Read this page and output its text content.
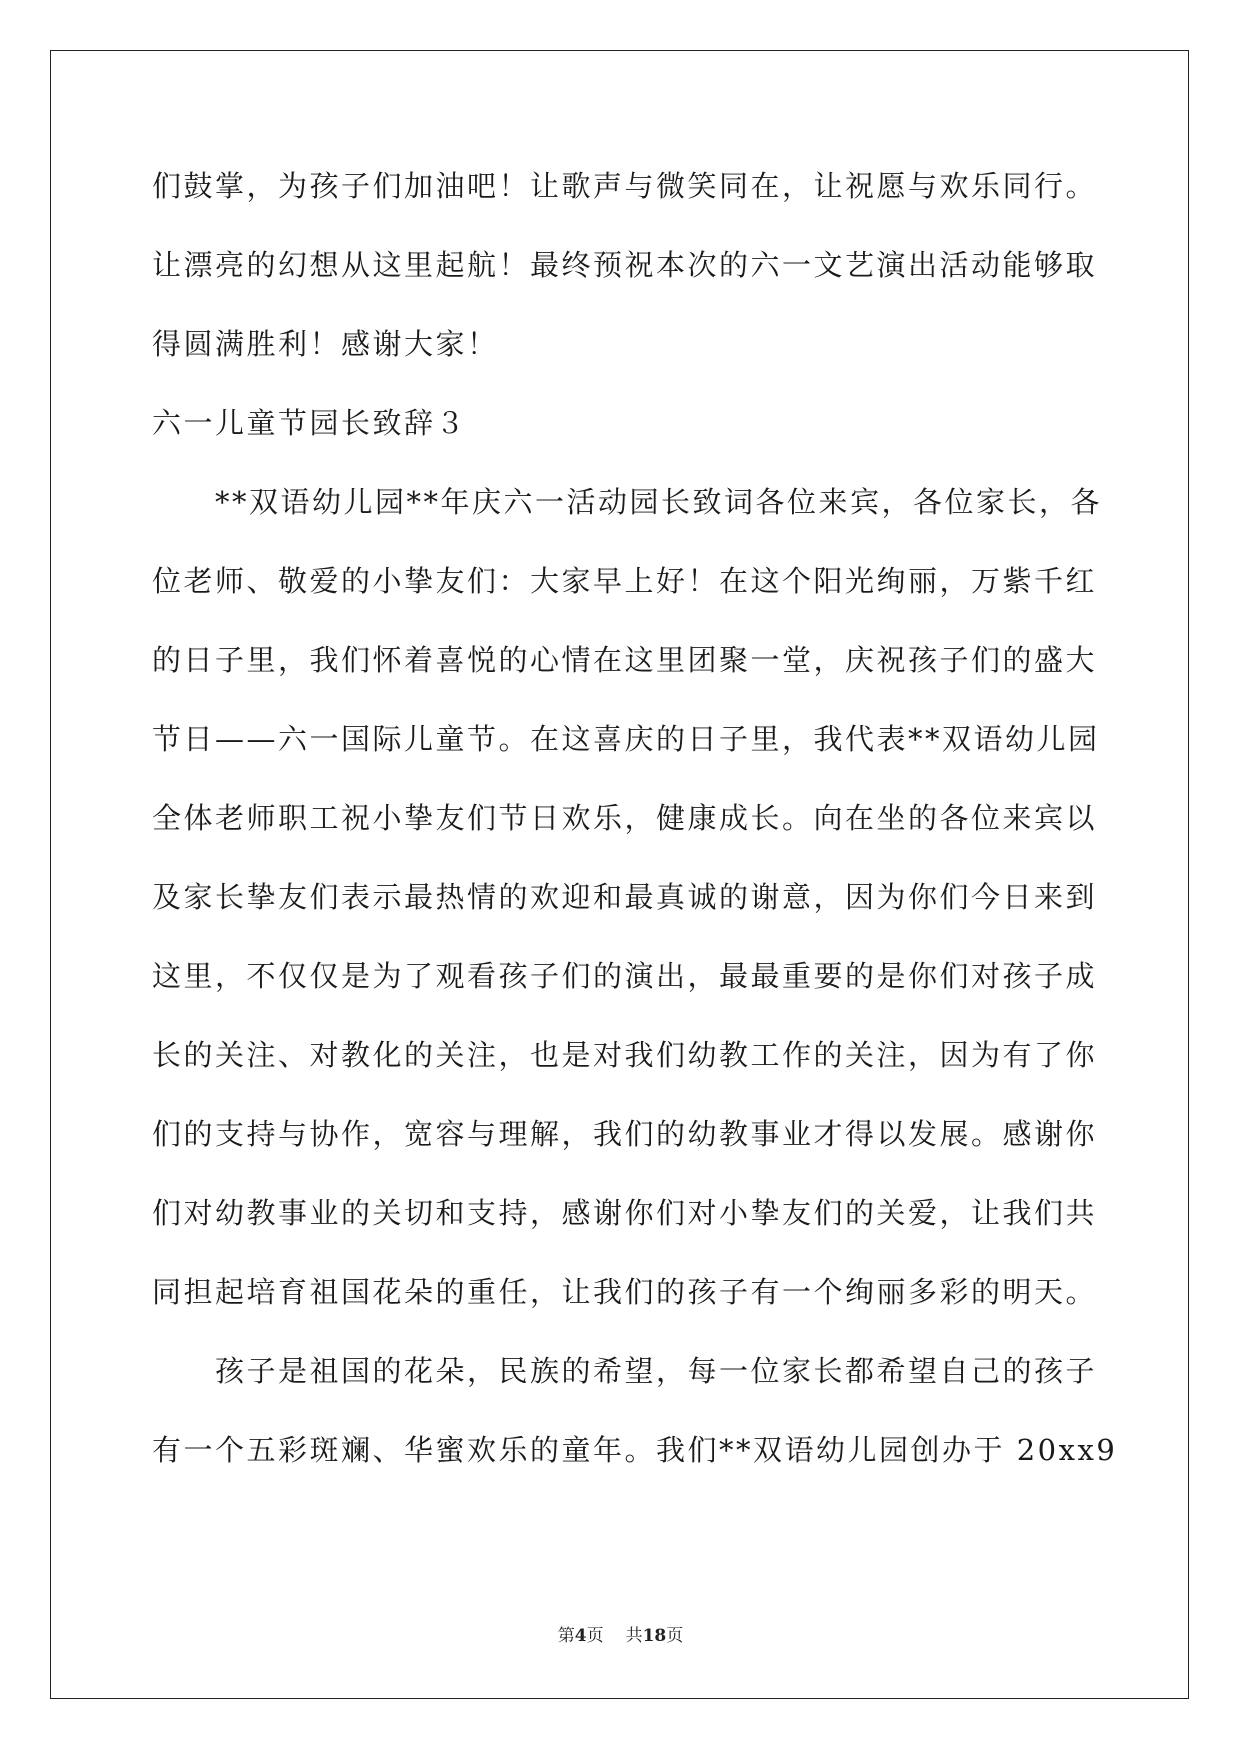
们鼓掌，为孩子们加油吧！让歌声与微笑同在，让祝愿与欢乐同行。
让漂亮的幻想从这里起航！最终预祝本次的六一文艺演出活动能够取
得圆满胜利！感谢大家！
六一儿童节园长致辞３
　　**双语幼儿园**年庆六一活动园长致词各位来宾，各位家长，各
位老师、敬爱的小挚友们：大家早上好！在这个阳光绚丽，万紫千红
的日子里，我们怀着喜悦的心情在这里团聚一堂，庆祝孩子们的盛大
节日——六一国际儿童节。在这喜庆的日子里，我代表**双语幼儿园
全体老师职工祝小挚友们节日欢乐，健康成长。向在坐的各位来宾以
及家长挚友们表示最热情的欢迎和最真诚的谢意，因为你们今日来到
这里，不仅仅是为了观看孩子们的演出，最最重要的是你们对孩子成
长的关注、对教化的关注，也是对我们幼教工作的关注，因为有了你
们的支持与协作，宽容与理解，我们的幼教事业才得以发展。感谢你
们对幼教事业的关切和支持，感谢你们对小挚友们的关爱，让我们共
同担起培育祖国花朵的重任，让我们的孩子有一个绚丽多彩的明天。
　　孩子是祖国的花朵，民族的希望，每一位家长都希望自己的孩子
有一个五彩斑斓、华蜜欢乐的童年。我们**双语幼儿园创办于 20xx9
第4页 共18页
